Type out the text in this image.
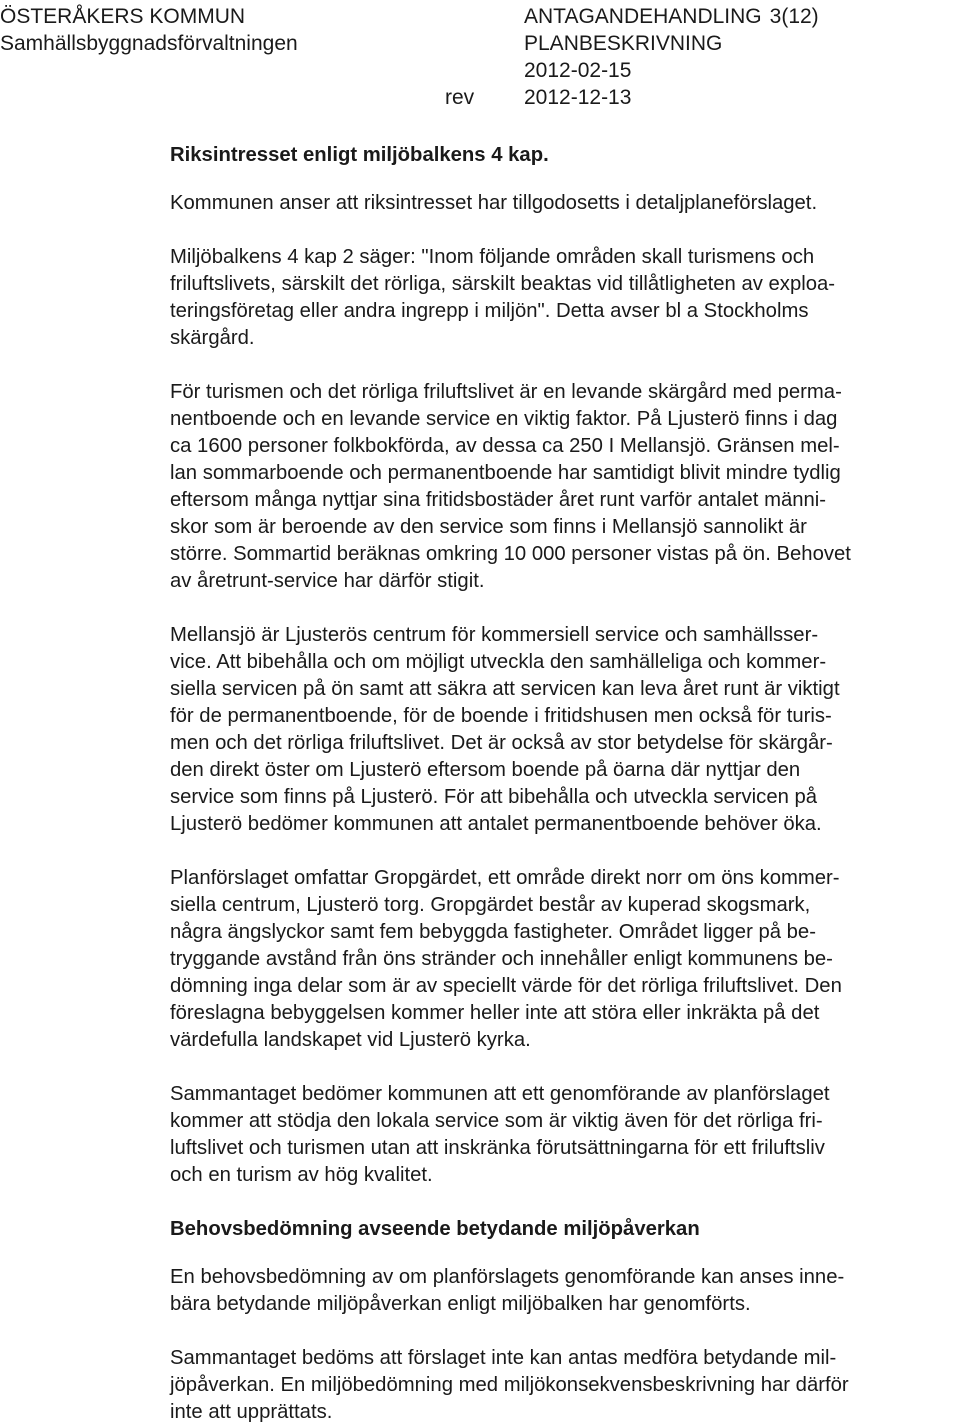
ÖSTERÅKERS KOMMUN
Samhällsbyggnadsförvaltningen
ANTAGANDEHANDLING 3(12)
PLANBESKRIVNING
2012-02-15
2012-12-13
rev
Riksintresset enligt miljöbalkens 4 kap.

Kommunen anser att riksintresset har tillgodosetts i detaljplaneförslaget.

Miljöbalkens 4 kap 2 säger: "Inom följande områden skall turismens och
friluftslivets, särskilt det rörliga, särskilt beaktas vid tillåtligheten av exploa-
teringsföretag eller andra ingrepp i miljön". Detta avser bl a Stockholms
skärgård.

För turismen och det rörliga friluftslivet är en levande skärgård med perma-
nentboende och en levande service en viktig faktor. På Ljusterö finns i dag
ca 1600 personer folkbokförda, av dessa ca 250 I Mellansjö. Gränsen mel-
lan sommarboende och permanentboende har samtidigt blivit mindre tydlig
eftersom många nyttjar sina fritidsbostäder året runt varför antalet männi-
skor som är beroende av den service som finns i Mellansjö sannolikt är
större. Sommartid beräknas omkring 10 000 personer vistas på ön. Behovet
av åretrunt-service har därför stigit.

Mellansjö är Ljusterös centrum för kommersiell service och samhällsser-
vice. Att bibehålla och om möjligt utveckla den samhälleliga och kommer-
siella servicen på ön samt att säkra att servicen kan leva året runt är viktigt
för de permanentboende, för de boende i fritidshusen men också för turis-
men och det rörliga friluftslivet. Det är också av stor betydelse för skärgår-
den direkt öster om Ljusterö eftersom boende på öarna där nyttjar den
service som finns på Ljusterö. För att bibehålla och utveckla servicen på
Ljusterö bedömer kommunen att antalet permanentboende behöver öka.

Planförslaget omfattar Gropgärdet, ett område direkt norr om öns kommer-
siella centrum, Ljusterö torg. Gropgärdet består av kuperad skogsmark,
några ängslyckor samt fem bebyggda fastigheter. Området ligger på be-
tryggande avstånd från öns stränder och innehåller enligt kommunens be-
dömning inga delar som är av speciellt värde för det rörliga friluftslivet. Den
föreslagna bebyggelsen kommer heller inte att störa eller inkräkta på det
värdefulla landskapet vid Ljusterö kyrka.

Sammantaget bedömer kommunen att ett genomförande av planförslaget
kommer att stödja den lokala service som är viktig även för det rörliga fri-
luftslivet och turismen utan att inskränka förutsättningarna för ett friluftsliv
och en turism av hög kvalitet.

Behovsbedömning avseende betydande miljöpåverkan

En behovsbedömning av om planförslagets genomförande kan anses inne-
bära betydande miljöpåverkan enligt miljöbalken har genomförts.

Sammantaget bedöms att förslaget inte kan antas medföra betydande mil-
jöpåverkan. En miljöbedömning med miljökonsekvensbeskrivning har därför
inte att upprättats.
